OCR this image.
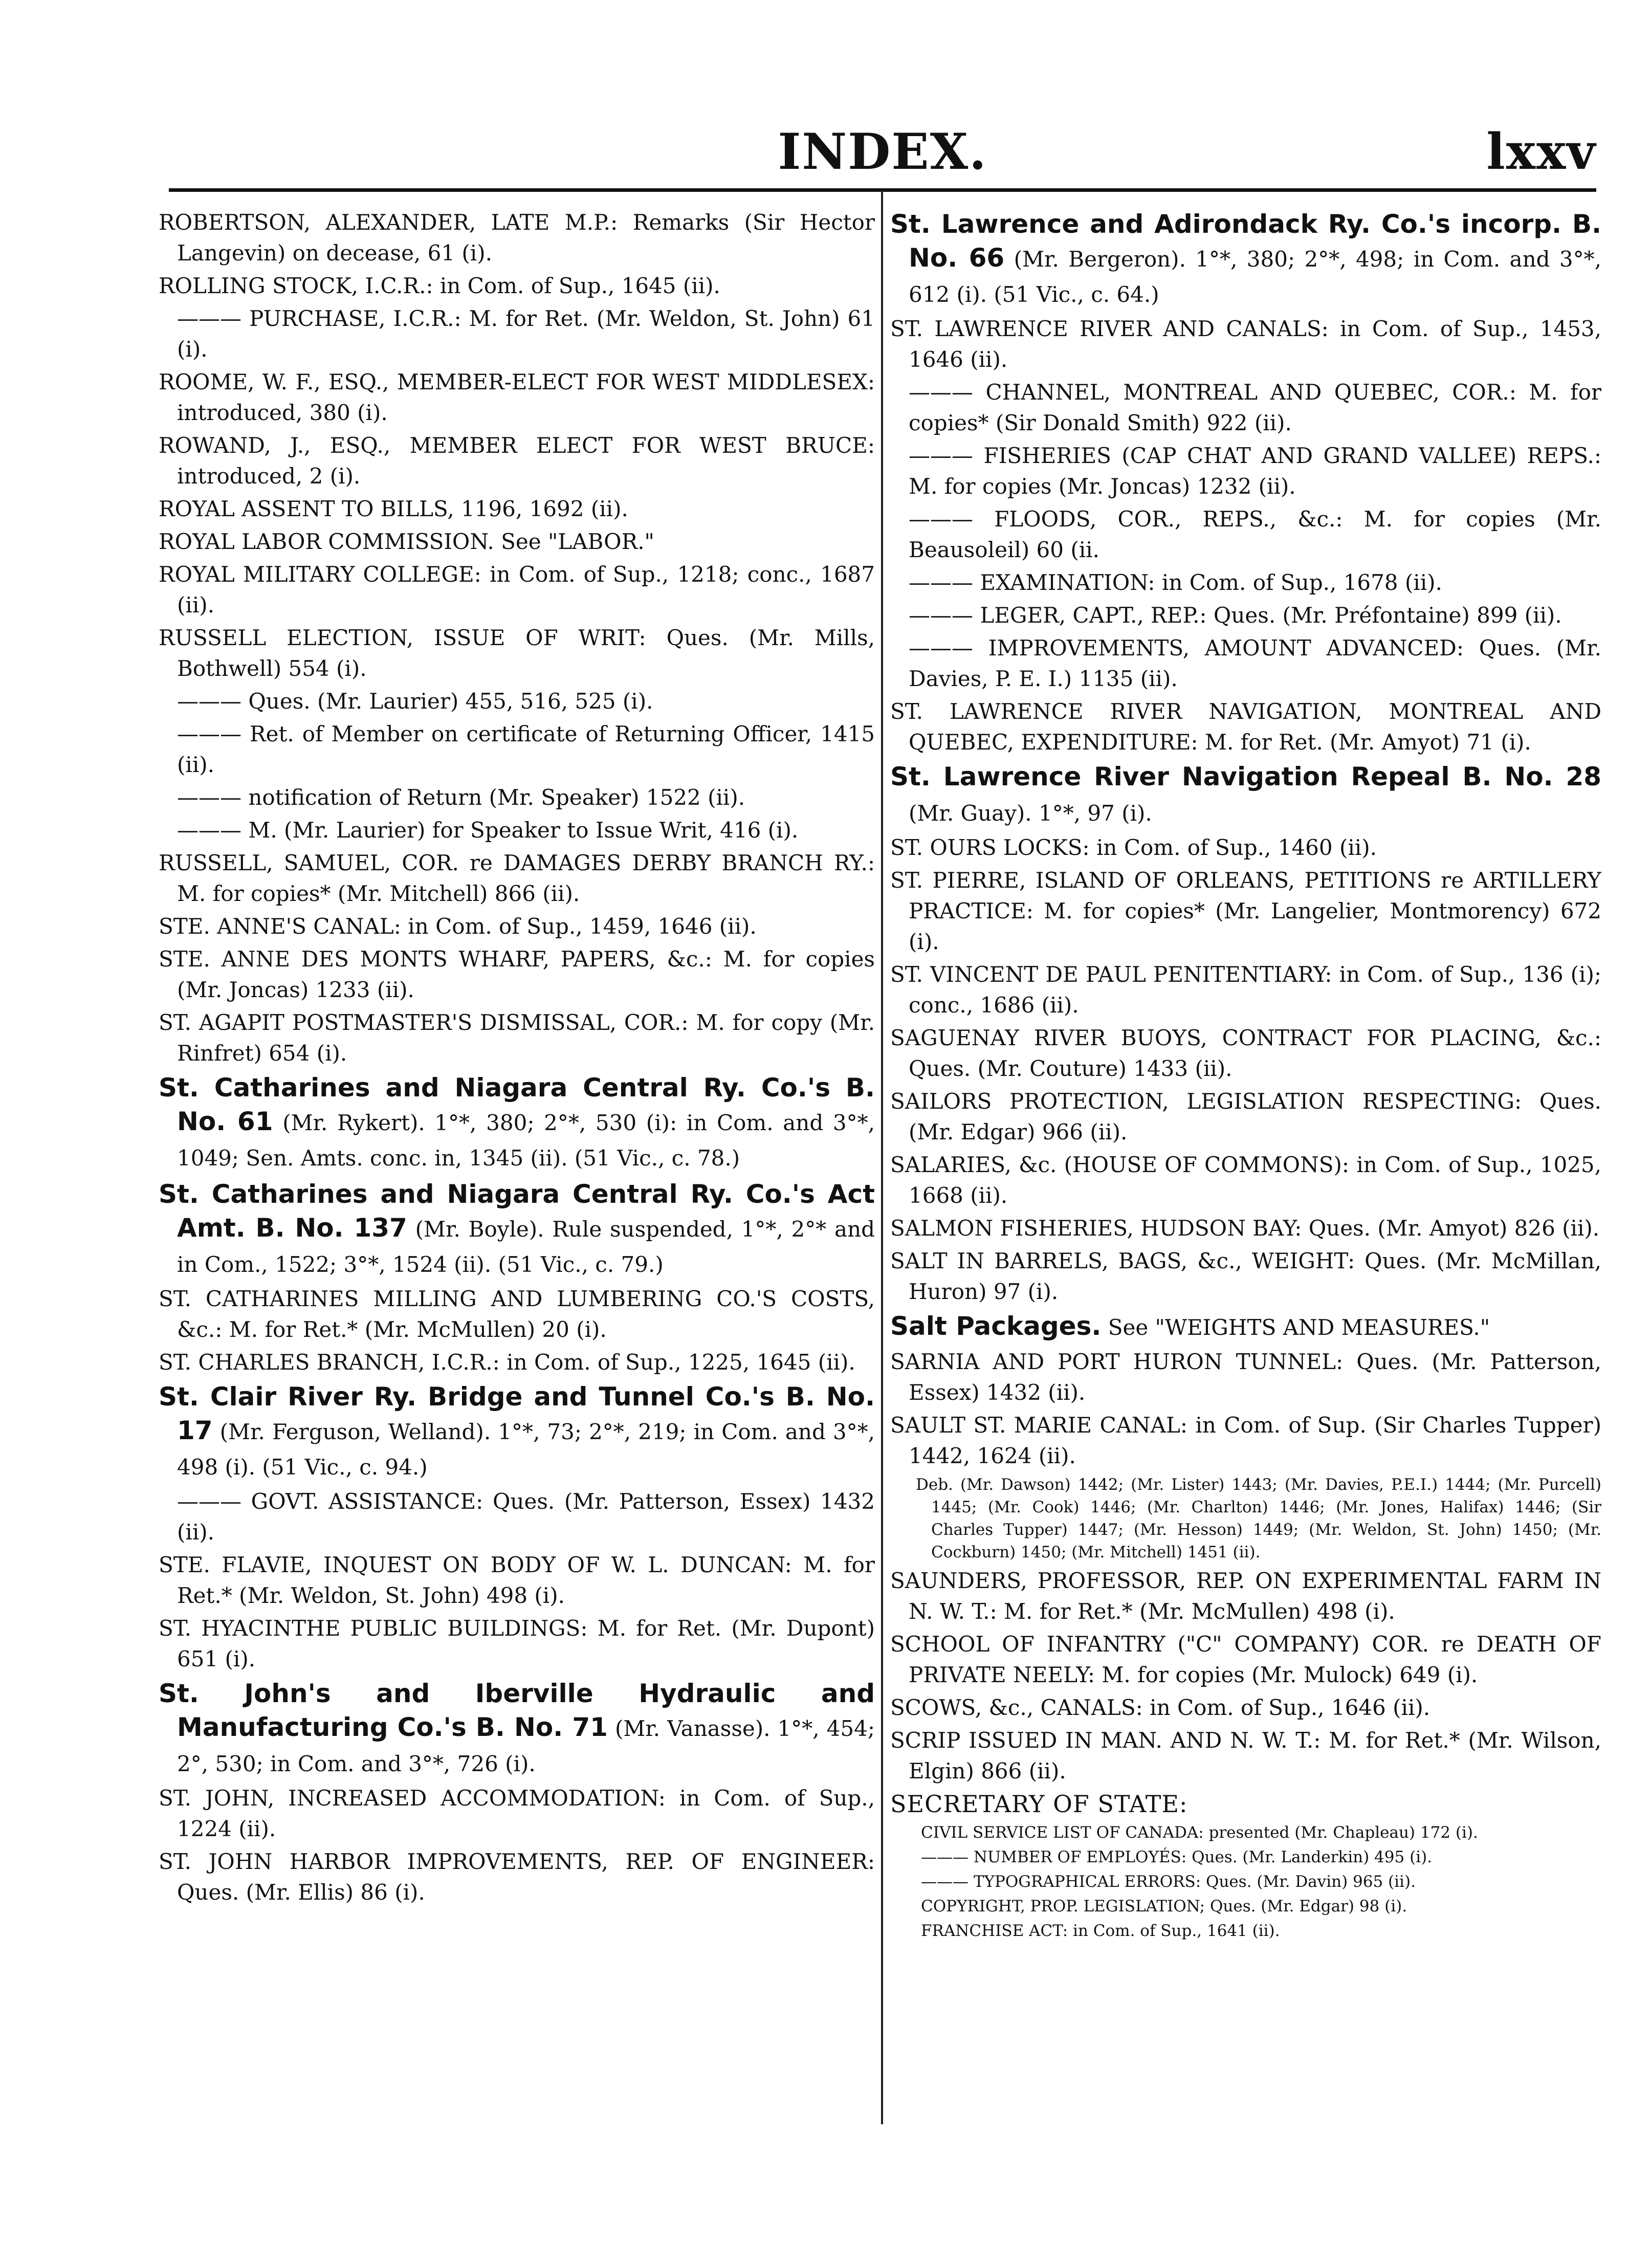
INDEX.	lxxv

ROBERTSON, ALEXANDER, LATE M.P.: Remarks (Sir Hector Langevin) on decease, 61 (i).

ROLLING STOCK, I.C.R.: in Com. of Sup., 1645 (ii).

——— PURCHASE, I.C.R.: M. for Ret. (Mr. Weldon, St. John) 61 (i).

ROOME, W. F., ESQ., MEMBER-ELECT FOR WEST MIDDLESEX: introduced, 380 (i).

ROWAND, J., ESQ., MEMBER ELECT FOR WEST BRUCE: introduced, 2 (i).

ROYAL ASSENT TO BILLS, 1196, 1692 (ii).

ROYAL LABOR COMMISSION. See "LABOR."

ROYAL MILITARY COLLEGE: in Com. of Sup., 1218; conc., 1687 (ii).

RUSSELL ELECTION, ISSUE OF WRIT: Ques. (Mr. Mills, Bothwell) 554 (i).

——— Ques. (Mr. Laurier) 455, 516, 525 (i).

——— Ret. of Member on certificate of Returning Officer, 1415 (ii).

——— notification of Return (Mr. Speaker) 1522 (ii).

——— M. (Mr. Laurier) for Speaker to Issue Writ, 416 (i).

RUSSELL, SAMUEL, COR. re DAMAGES DERBY BRANCH RY.: M. for copies* (Mr. Mitchell) 866 (ii).

STE. ANNE'S CANAL: in Com. of Sup., 1459, 1646 (ii).

STE. ANNE DES MONTS WHARF, PAPERS, &c.: M. for copies (Mr. Joncas) 1233 (ii).

ST. AGAPIT POSTMASTER'S DISMISSAL, COR.: M. for copy (Mr. Rinfret) 654 (i).

St. Catharines and Niagara Central Ry. Co.'s B. No. 61 (Mr. Rykert). 1°*, 380; 2°*, 530 (i): in Com. and 3°*, 1049; Sen. Amts. conc. in, 1345 (ii). (51 Vic., c. 78.)

St. Catharines and Niagara Central Ry. Co.'s Act Amt. B. No. 137 (Mr. Boyle). Rule suspended, 1°*, 2°* and in Com., 1522; 3°*, 1524 (ii). (51 Vic., c. 79.)

ST. CATHARINES MILLING AND LUMBERING CO.'S COSTS, &c.: M. for Ret.* (Mr. McMullen) 20 (i).

ST. CHARLES BRANCH, I.C.R.: in Com. of Sup., 1225, 1645 (ii).

St. Clair River Ry. Bridge and Tunnel Co.'s B. No. 17 (Mr. Ferguson, Welland). 1°*, 73; 2°*, 219; in Com. and 3°*, 498 (i). (51 Vic., c. 94.)

——— GOVT. ASSISTANCE: Ques. (Mr. Patterson, Essex) 1432 (ii).

STE. FLAVIE, INQUEST ON BODY OF W. L. DUNCAN: M. for Ret.* (Mr. Weldon, St. John) 498 (i).

ST. HYACINTHE PUBLIC BUILDINGS: M. for Ret. (Mr. Dupont) 651 (i).

St. John's and Iberville Hydraulic and Manufacturing Co.'s B. No. 71 (Mr. Vanasse). 1°*, 454; 2°, 530; in Com. and 3°*, 726 (i).

ST. JOHN, INCREASED ACCOMMODATION: in Com. of Sup., 1224 (ii).

ST. JOHN HARBOR IMPROVEMENTS, REP. OF ENGINEER: Ques. (Mr. Ellis) 86 (i).

St. Lawrence and Adirondack Ry. Co.'s incorp. B. No. 66 (Mr. Bergeron). 1°*, 380; 2°*, 498; in Com. and 3°*, 612 (i). (51 Vic., c. 64.)

ST. LAWRENCE RIVER AND CANALS: in Com. of Sup., 1453, 1646 (ii).

——— CHANNEL, MONTREAL AND QUEBEC, COR.: M. for copies* (Sir Donald Smith) 922 (ii).

——— FISHERIES (CAP CHAT AND GRAND VALLEE) REPS.: M. for copies (Mr. Joncas) 1232 (ii).

——— FLOODS, COR., REPS., &c.: M. for copies (Mr. Beausoleil) 60 (ii.

——— EXAMINATION: in Com. of Sup., 1678 (ii).

——— LEGER, CAPT., REP.: Ques. (Mr. Préfontaine) 899 (ii).

——— IMPROVEMENTS, AMOUNT ADVANCED: Ques. (Mr. Davies, P. E. I.) 1135 (ii).

ST. LAWRENCE RIVER NAVIGATION, MONTREAL AND QUEBEC, EXPENDITURE: M. for Ret. (Mr. Amyot) 71 (i).

St. Lawrence River Navigation Repeal B. No. 28 (Mr. Guay). 1°*, 97 (i).

ST. OURS LOCKS: in Com. of Sup., 1460 (ii).

ST. PIERRE, ISLAND OF ORLEANS, PETITIONS re ARTILLERY PRACTICE: M. for copies* (Mr. Langelier, Montmorency) 672 (i).

ST. VINCENT DE PAUL PENITENTIARY: in Com. of Sup., 136 (i); conc., 1686 (ii).

SAGUENAY RIVER BUOYS, CONTRACT FOR PLACING, &c.: Ques. (Mr. Couture) 1433 (ii).

SAILORS PROTECTION, LEGISLATION RESPECTING: Ques. (Mr. Edgar) 966 (ii).

SALARIES, &c. (HOUSE OF COMMONS): in Com. of Sup., 1025, 1668 (ii).

SALMON FISHERIES, HUDSON BAY: Ques. (Mr. Amyot) 826 (ii).

SALT IN BARRELS, BAGS, &c., WEIGHT: Ques. (Mr. McMillan, Huron) 97 (i).

Salt Packages. See "WEIGHTS AND MEASURES."

SARNIA AND PORT HURON TUNNEL: Ques. (Mr. Patterson, Essex) 1432 (ii).

SAULT ST. MARIE CANAL: in Com. of Sup. (Sir Charles Tupper) 1442, 1624 (ii).

Deb. (Mr. Dawson) 1442; (Mr. Lister) 1443; (Mr. Davies, P.E.I.) 1444; (Mr. Purcell) 1445; (Mr. Cook) 1446; (Mr. Charlton) 1446; (Mr. Jones, Halifax) 1446; (Sir Charles Tupper) 1447; (Mr. Hesson) 1449; (Mr. Weldon, St. John) 1450; (Mr. Cockburn) 1450; (Mr. Mitchell) 1451 (ii).

SAUNDERS, PROFESSOR, REP. ON EXPERIMENTAL FARM IN N. W. T.: M. for Ret.* (Mr. McMullen) 498 (i).

SCHOOL OF INFANTRY ("C" COMPANY) COR. re DEATH OF PRIVATE NEELY: M. for copies (Mr. Mulock) 649 (i).

SCOWS, &c., CANALS: in Com. of Sup., 1646 (ii).

SCRIP ISSUED IN MAN. AND N. W. T.: M. for Ret.* (Mr. Wilson, Elgin) 866 (ii).

SECRETARY OF STATE:

CIVIL SERVICE LIST OF CANADA: presented (Mr. Chapleau) 172 (i).

——— NUMBER OF EMPLOYÉS: Ques. (Mr. Landerkin) 495 (i).

——— TYPOGRAPHICAL ERRORS: Ques. (Mr. Davin) 965 (ii).

COPYRIGHT, PROP. LEGISLATION; Ques. (Mr. Edgar) 98 (i).

FRANCHISE ACT: in Com. of Sup., 1641 (ii).
